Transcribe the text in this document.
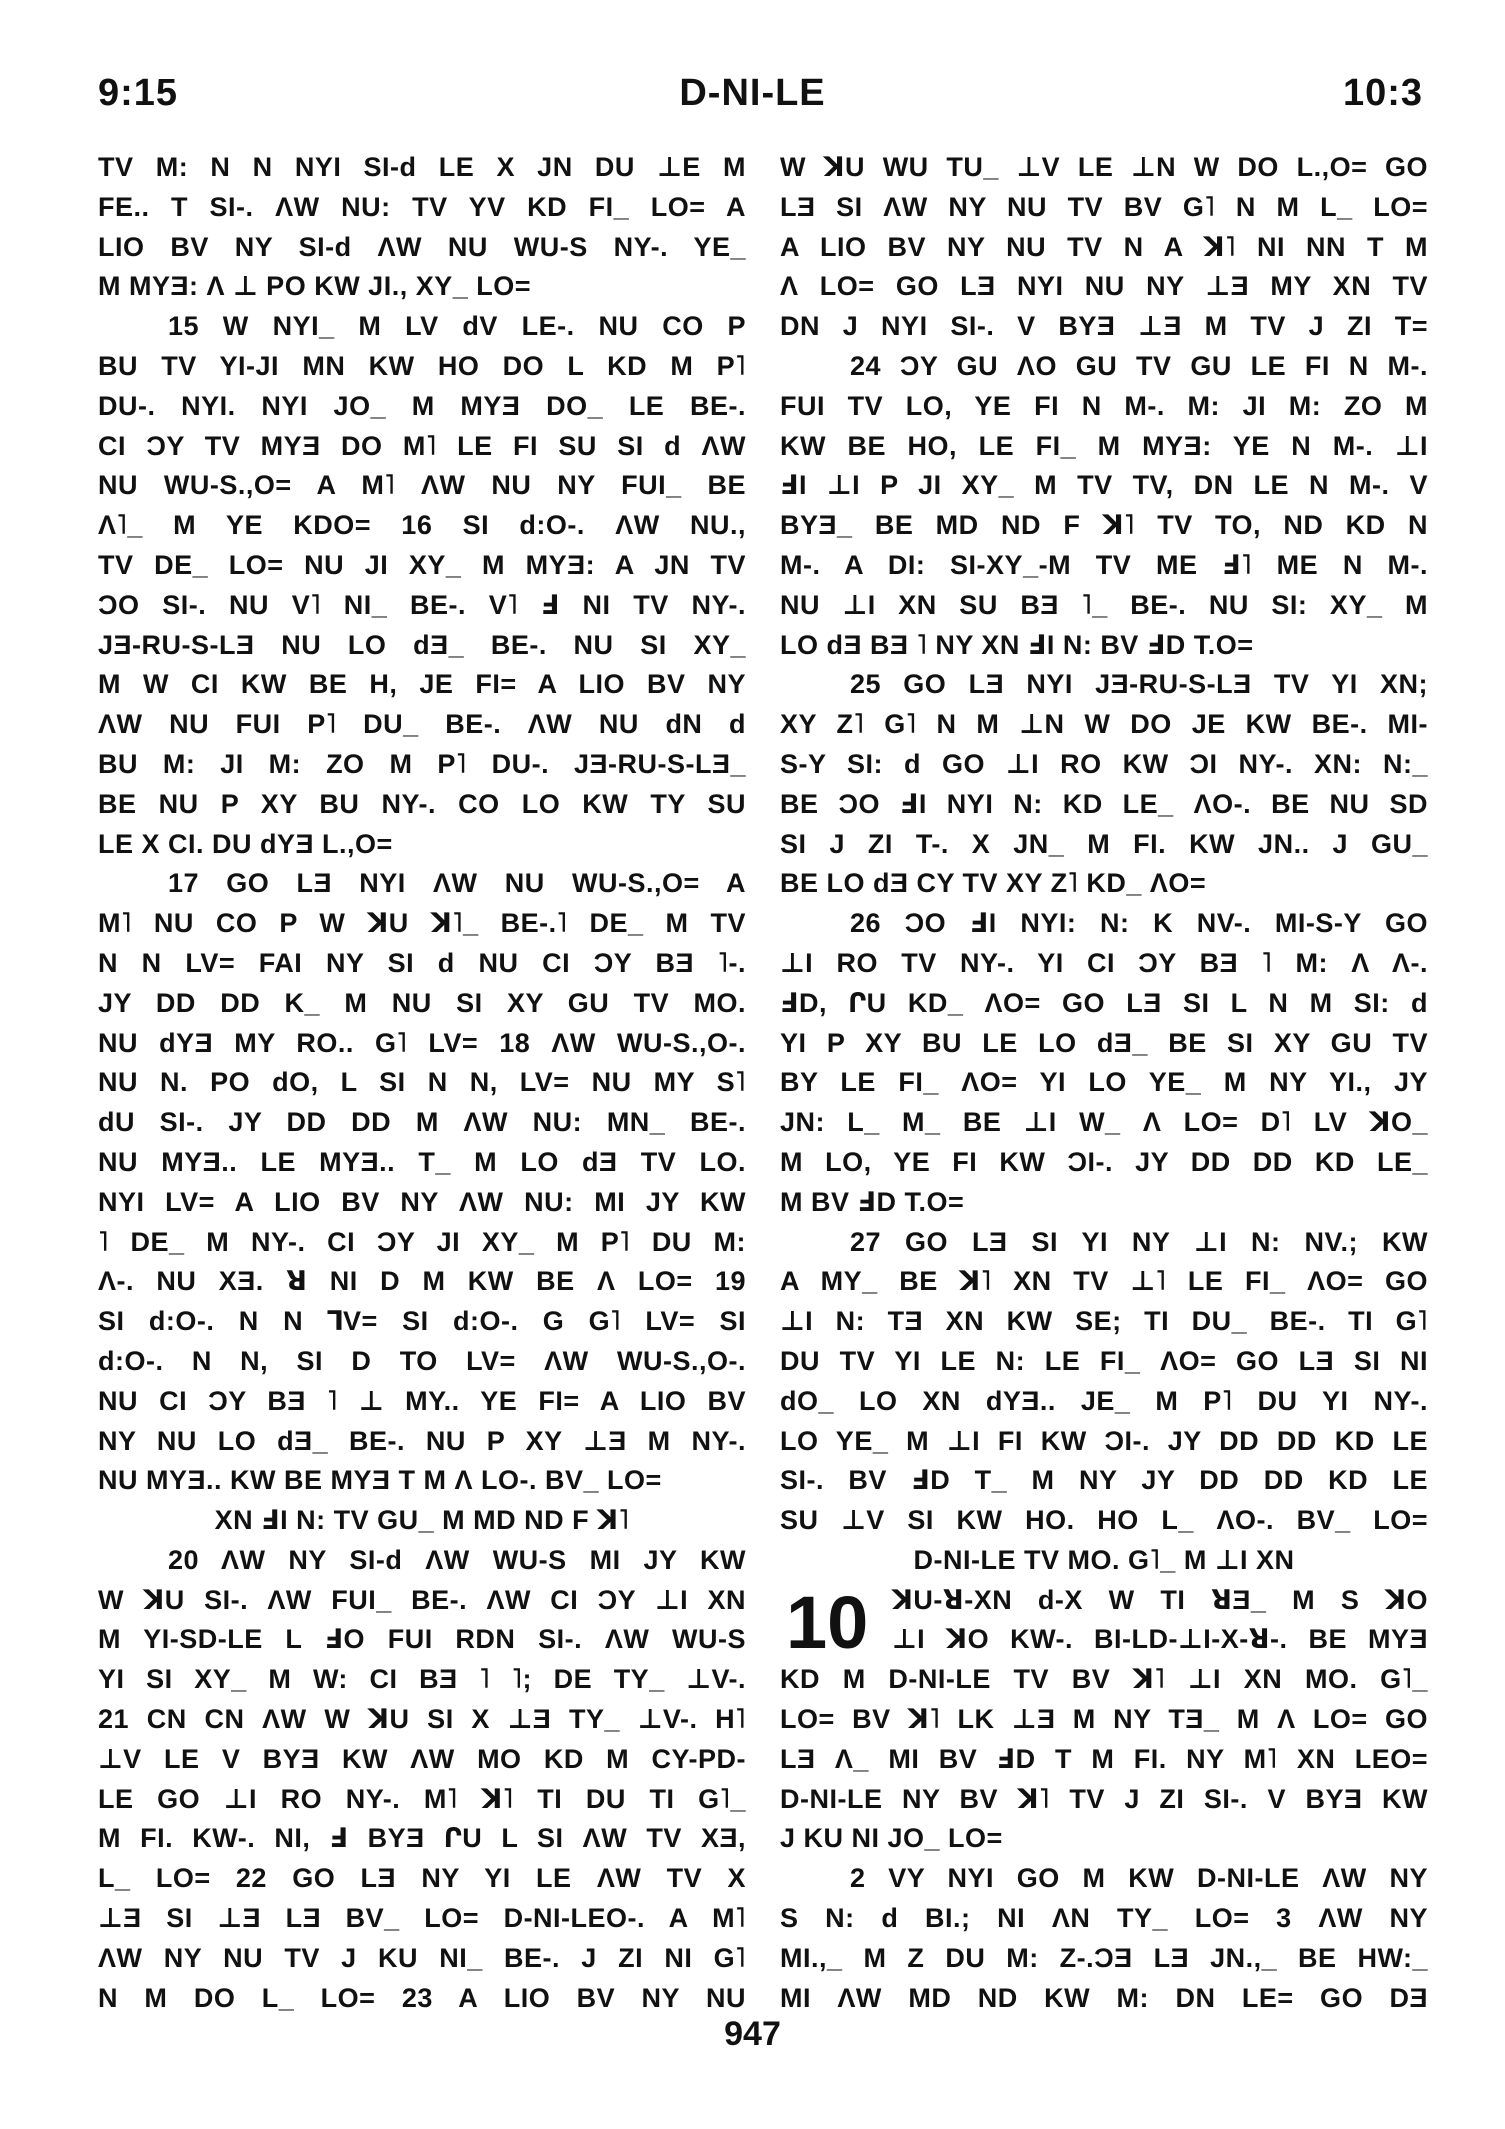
9:15	D-NI-LE	10:3
TV M: N N NYI SI-d LE X JN DU ⊥E M
FE.. T SI-. ΛW NU: TV YV KD FI_ LO= A
LIO BV NY SI-d ΛW NU WU-S NY-. YE_
M MYƎ: Λ ⊥ PO KW JI., XY_ LO=
15 W NYI_ M LV dV LE-. NU CO P
BU TV YI-JI MN KW HO DO L KD M P˥
DU-. NYI. NYI JO_ M MYƎ DO_ LE BE-.
CI ƆY TV MYƎ DO M˥ LE FI SU SI d ΛW
NU WU-S.,O= A M˥ ΛW NU NY FUI_ BE
Λ˥_ M YE KDO= 16 SI d:O-. ΛW NU.,
TV DE_ LO= NU JI XY_ M MYƎ: A JN TV
ƆO SI-. NU V˥ NI_ BE-. V˥ Ⅎ NI TV NY-.
JƎ-RU-S-LƎ NU LO dƎ_ BE-. NU SI XY_
M W CI KW BE H, JE FI= A LIO BV NY
ΛW NU FUI P˥ DU_ BE-. ΛW NU dN d
BU M: JI M: ZO M P˥ DU-. JƎ-RU-S-LƎ_
BE NU P XY BU NY-. CO LO KW TY SU
LE X CI. DU dYƎ L.,O=
17 GO LƎ NYI ΛW NU WU-S.,O= A
M˥ NU CO P W ꓘU ꓘ˥_ BE-.˥ DE_ M TV
N N LV= FAI NY SI d NU CI ƆY BƎ ˥-.
JY DD DD K_ M NU SI XY GU TV MO.
NU dYƎ MY RO.. G˥ LV= 18 ΛW WU-S.,O-.
NU N. PO dO, L SI N N, LV= NU MY S˥
dU SI-. JY DD DD M ΛW NU: MN_ BE-.
NU MYƎ.. LE MYƎ.. T_ M LO dƎ TV LO.
NYI LV= A LIO BV NY ΛW NU: MI JY KW
˥ DE_ M NY-. CI ƆY JI XY_ M P˥ DU M:
Λ-. NU XƎ. ꓤ NI D M KW BE Λ LO= 19
SI d:O-. N N ⅂V= SI d:O-. G G˥ LV= SI
d:O-. N N, SI D TO LV= ΛW WU-S.,O-.
NU CI ƆY BƎ ˥ ⊥ MY.. YE FI= A LIO BV
NY NU LO dƎ_ BE-. NU P XY ⊥Ǝ M NY-.
NU MYƎ.. KW BE MYƎ T M Λ LO-. BV_ LO=
XN ℲI N: TV GU_ M MD ND F ꓘ˥
20 ΛW NY SI-d ΛW WU-S MI JY KW
W ꓘU SI-. ΛW FUI_ BE-. ΛW CI ƆY ⊥I XN
M YI-SD-LE L ℲO FUI RDN SI-. ΛW WU-S
YI SI XY_ M W: CI BƎ ˥ ˥; DE TY_ ⊥V-.
21 CN CN ΛW W ꓘU SI X ⊥Ǝ TY_ ⊥V-. H˥
⊥V LE V BYƎ KW ΛW MO KD M CY-PD-
LE GO ⊥I RO NY-. M˥ ꓘ˥ TI DU TI G˥_
M FI. KW-. NI, Ⅎ BYƎ ՐU L SI ΛW TV XƎ,
L_ LO= 22 GO LƎ NY YI LE ΛW TV X
⊥Ǝ SI ⊥Ǝ LƎ BV_ LO= D-NI-LEO-. A M˥
ΛW NY NU TV J KU NI_ BE-. J ZI NI G˥
N M DO L_ LO= 23 A LIO BV NY NU
W ꓘU WU TU_ ⊥V LE ⊥N W DO L.,O= GO
LƎ SI ΛW NY NU TV BV G˥ N M L_ LO=
A LIO BV NY NU TV N A ꓘ˥ NI NN T M
Λ LO= GO LƎ NYI NU NY ⊥Ǝ MY XN TV
DN J NYI SI-. V BYƎ ⊥Ǝ M TV J ZI T=
24 ƆY GU ΛO GU TV GU LE FI N M-.
FUI TV LO, YE FI N M-. M: JI M: ZO M
KW BE HO, LE FI_ M MYƎ: YE N M-. ⊥I
ℲI ⊥I P JI XY_ M TV TV, DN LE N M-. V
BYƎ_ BE MD ND F ꓘ˥ TV TO, ND KD N
M-. A DI: SI-XY_-M TV ME Ⅎ˥ ME N M-.
NU ⊥I XN SU BƎ ˥_ BE-. NU SI: XY_ M
LO dƎ BƎ ˥ NY XN ℲI N: BV ℲD T.O=
25 GO LƎ NYI JƎ-RU-S-LƎ TV YI XN;
XY Z˥ G˥ N M ⊥N W DO JE KW BE-. MI-
S-Y SI: d GO ⊥I RO KW ƆI NY-. XN: N:_
BE ƆO ℲI NYI N: KD LE_ ΛO-. BE NU SD
SI J ZI T-. X JN_ M FI. KW JN.. J GU_
BE LO dƎ CY TV XY Z˥ KD_ ΛO=
26 ƆO ℲI NYI: N: K NV-. MI-S-Y GO
⊥I RO TV NY-. YI CI ƆY BƎ ˥ M: Λ Λ-.
ℲD, ՐU KD_ ΛO= GO LƎ SI L N M SI: d
YI P XY BU LE LO dƎ_ BE SI XY GU TV
BY LE FI_ ΛO= YI LO YE_ M NY YI., JY
JN: L_ M_ BE ⊥I W_ Λ LO= D˥ LV ꓘO_
M LO, YE FI KW ƆI-. JY DD DD KD LE_
M BV ℲD T.O=
27 GO LƎ SI YI NY ⊥I N: NV.; KW
A MY_ BE ꓘ˥ XN TV ⊥˥ LE FI_ ΛO= GO
⊥I N: TƎ XN KW SE; TI DU_ BE-. TI G˥
DU TV YI LE N: LE FI_ ΛO= GO LƎ SI NI
dO_ LO XN dYƎ.. JE_ M P˥ DU YI NY-.
LO YE_ M ⊥I FI KW ƆI-. JY DD DD KD LE
SI-. BV ℲD T_ M NY JY DD DD KD LE
SU ⊥V SI KW HO. HO L_ ΛO-. BV_ LO=
D-NI-LE TV MO. G˥_ M ⊥I XN
10 ꓘU-ꓤ-XN d-X W TI ꓤƎ_ M S ꓘO
⊥I ꓘO KW-. BI-LD-⊥I-X-ꓤ-. BE MYƎ
KD M D-NI-LE TV BV ꓘ˥ ⊥I XN MO. G˥_
LO= BV ꓘ˥ LK ⊥Ǝ M NY TƎ_ M Λ LO= GO
LƎ Λ_ MI BV ℲD T M FI. NY M˥ XN LEO=
D-NI-LE NY BV ꓘ˥ TV J ZI SI-. V BYƎ KW
J KU NI JO_ LO=
2 VY NYI GO M KW D-NI-LE ΛW NY
S N: d BI.; NI ΛN TY_ LO= 3 ΛW NY
MI.,_ M Z DU M: Z-.ƆƎ LƎ JN.,_ BE HW:_
MI ΛW MD ND KW M: DN LE= GO DƎ
947
